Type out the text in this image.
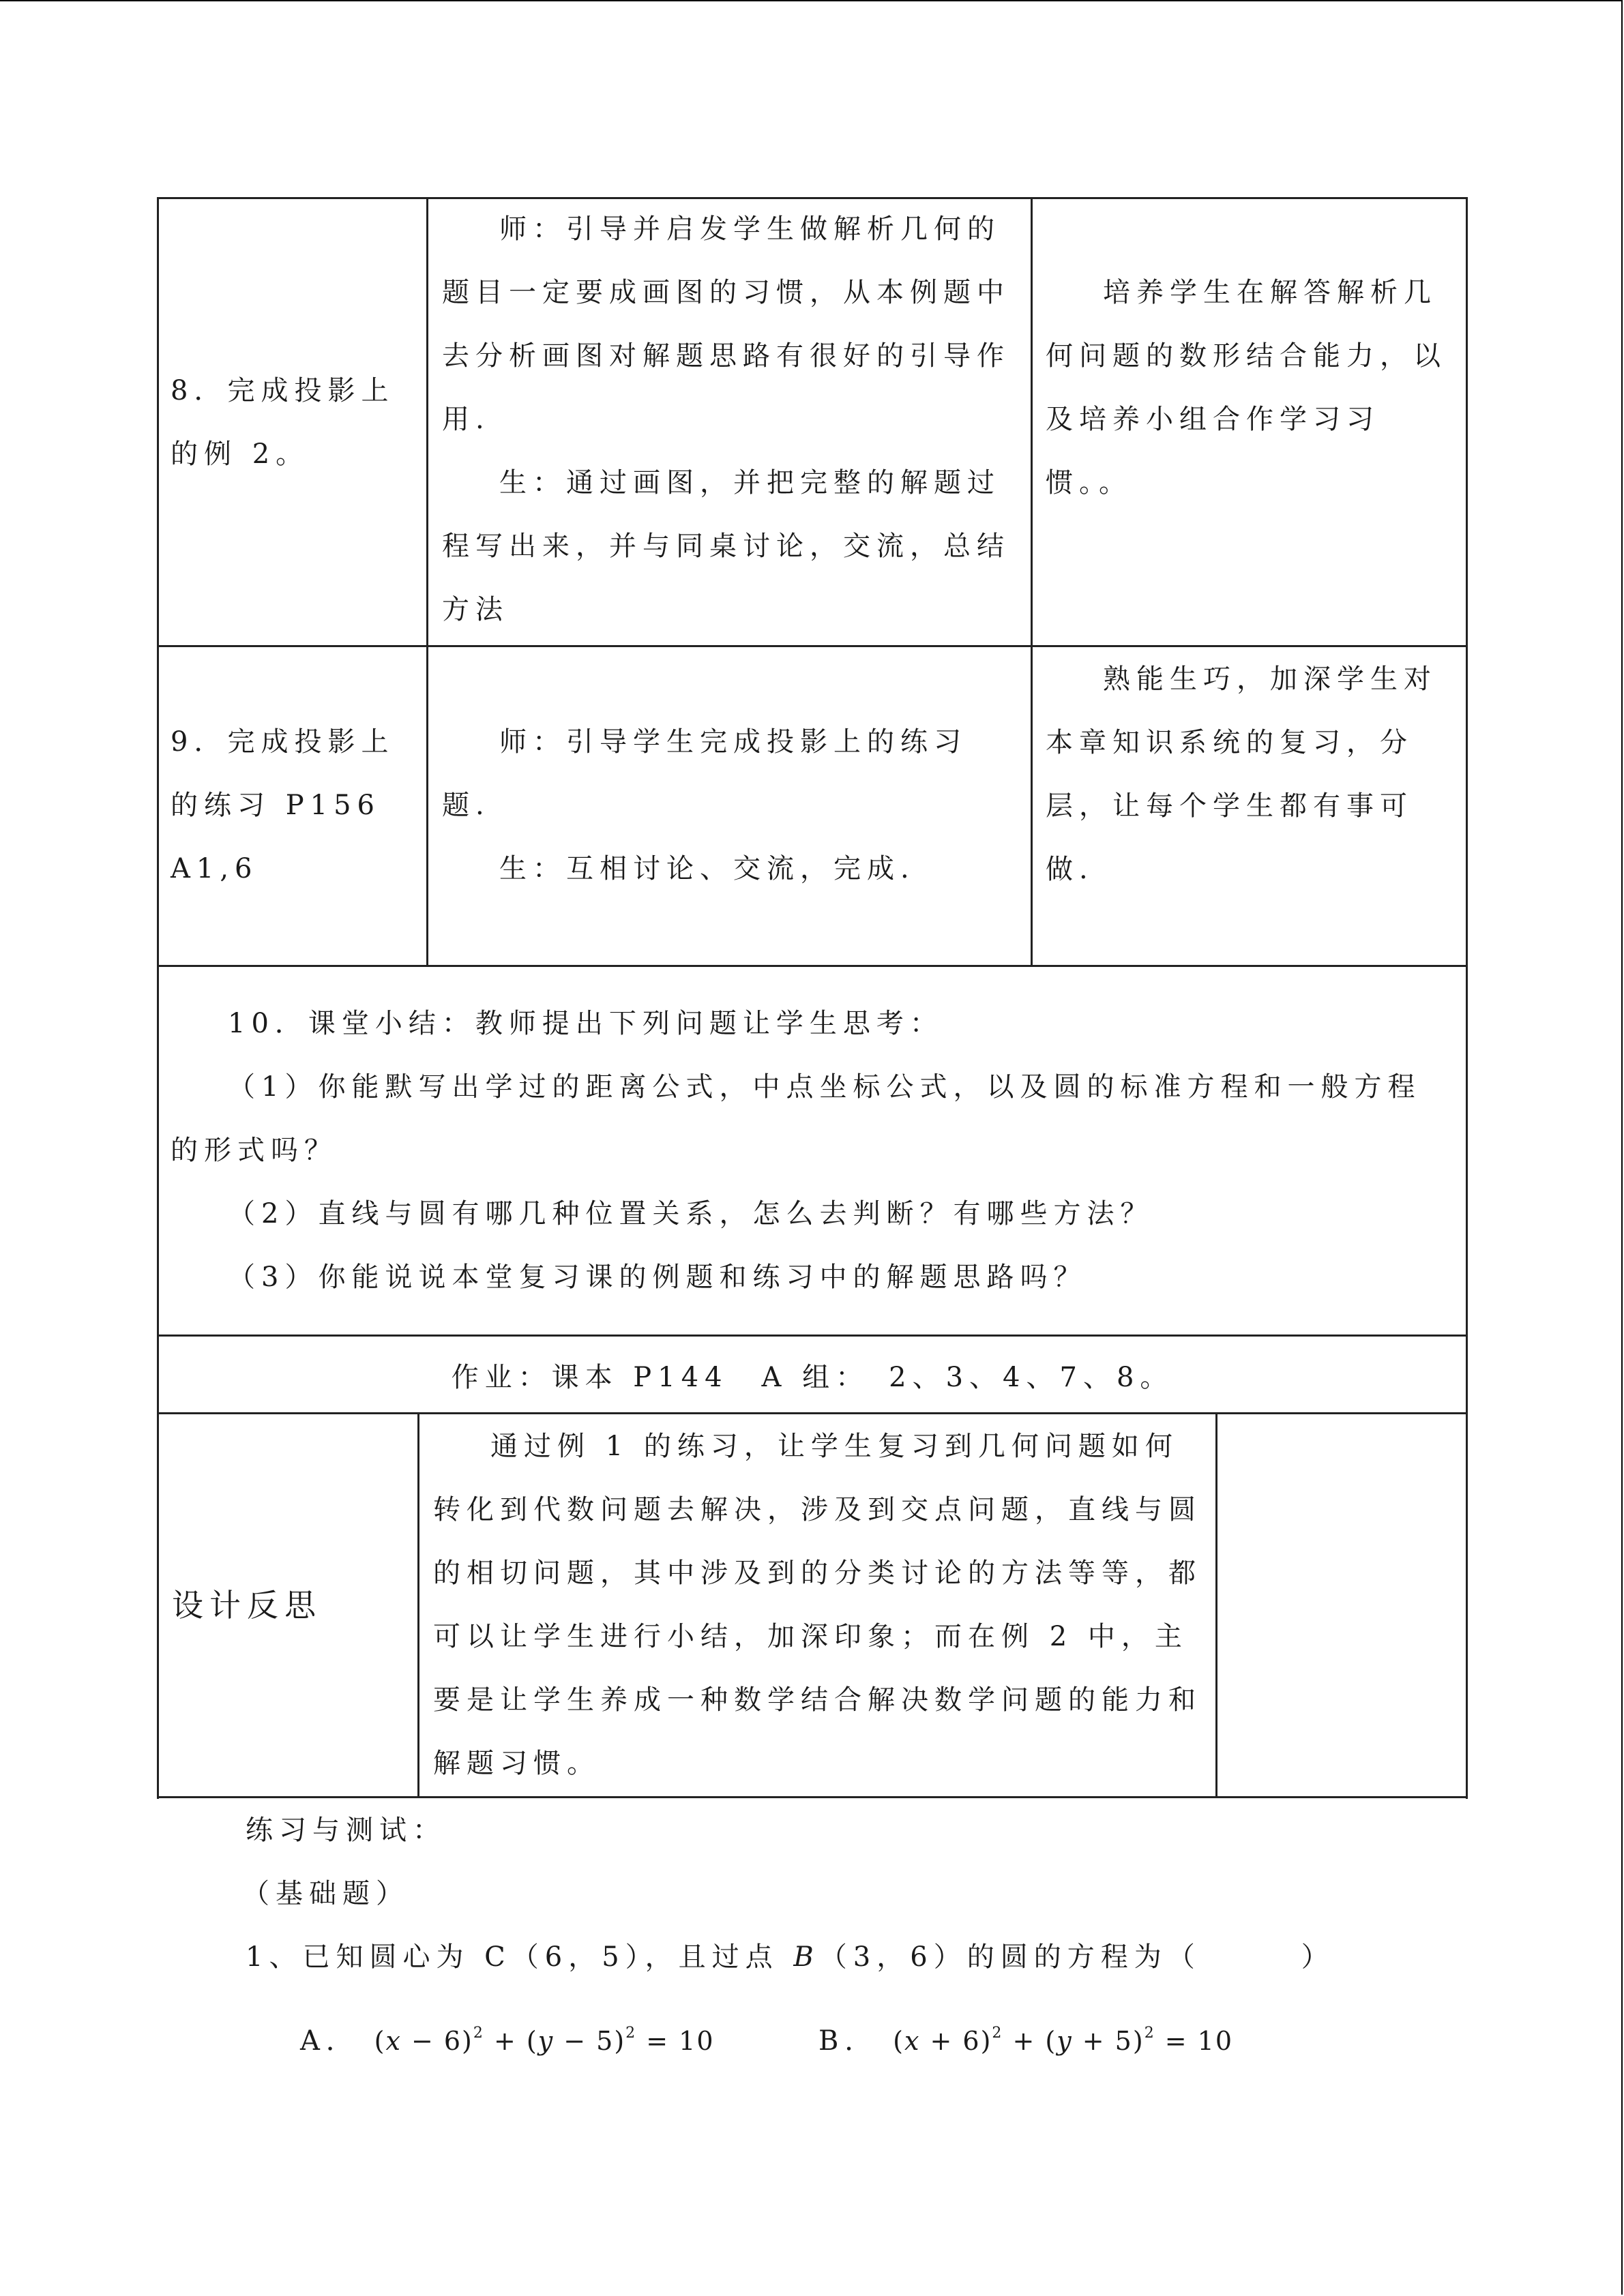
8．完成投影上的例 2。

师：引导并启发学生做解析几何的题目一定要成画图的习惯，从本例题中去分析画图对解题思路有很好的引导作用.

生：通过画图，并把完整的解题过程写出来，并与同桌讨论，交流，总结方法

培养学生在解答解析几何问题的数形结合能力，以及培养小组合作学习习惯。。

9．完成投影上

的练习 P156

A1,6

师：引导学生完成投影上的练习题.

生：互相讨论、交流，完成.

熟能生巧，加深学生对本章知识系统的复习，分层，让每个学生都有事可做.

10．课堂小结：教师提出下列问题让学生思考：

（1）你能默写出学过的距离公式，中点坐标公式，以及圆的标准方程和一般方程的形式吗？

（2）直线与圆有哪几种位置关系，怎么去判断？有哪些方法？

（3）你能说说本堂复习课的例题和练习中的解题思路吗？

作业：课本 P144　A 组：　2、3、4、7、8。

设计反思

通过例 1 的练习，让学生复习到几何问题如何转化到代数问题去解决，涉及到交点问题，直线与圆的相切问题，其中涉及到的分类讨论的方法等等，都可以让学生进行小结，加深印象；而在例 2 中，主要是让学生养成一种数学结合解决数学问题的能力和解题习惯。

练习与测试：
（基础题）
1、已知圆心为 C（6，5），且过点 B（3，6）的圆的方程为（　　　）
A． $(x - 6)^2 + (y - 5)^2 = 10$	B． $(x + 6)^2 + (y + 5)^2 = 10$
